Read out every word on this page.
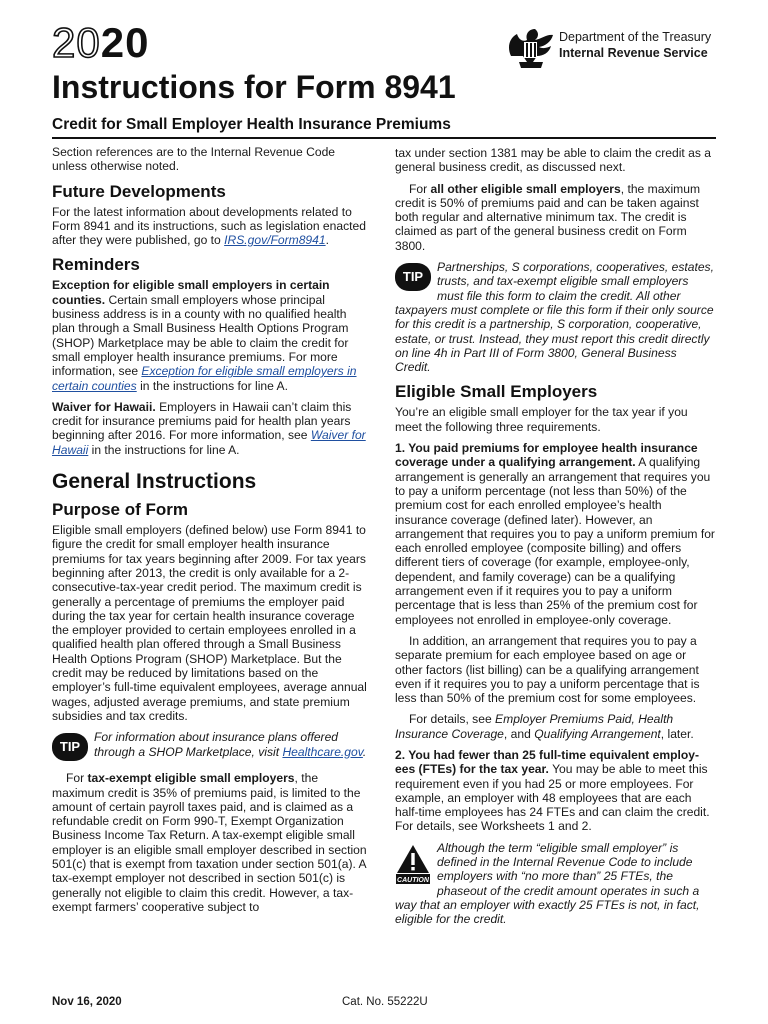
2020
Instructions for Form 8941
Credit for Small Employer Health Insurance Premiums
Department of the Treasury
Internal Revenue Service

Section references are to the Internal Revenue Code unless otherwise noted.

Future Developments

For the latest information about developments related to Form 8941 and its instructions, such as legislation enacted after they were published, go to IRS.gov/Form8941.

Reminders

Exception for eligible small employers in certain counties. Certain small employers whose principal business address is in a county with no qualified health plan through a Small Business Health Options Program (SHOP) Marketplace may be able to claim the credit for small employer health insurance premiums. For more information, see Exception for eligible small employers in certain counties in the instructions for line A.

Waiver for Hawaii. Employers in Hawaii can’t claim this credit for insurance premiums paid for health plan years beginning after 2016. For more information, see Waiver for Hawaii in the instructions for line A.

General Instructions
Purpose of Form

Eligible small employers (defined below) use Form 8941 to figure the credit for small employer health insurance premiums for tax years beginning after 2009. For tax years beginning after 2013, the credit is only available for a 2-consecutive-tax-year credit period. The maximum credit is generally a percentage of premiums the employer paid during the tax year for certain health insurance coverage the employer provided to certain employees enrolled in a qualified health plan offered through a Small Business Health Options Program (SHOP) Marketplace. But the credit may be reduced by limitations based on the employer’s full-time equivalent employees, average annual wages, adjusted average premiums, and state premium subsidies and tax credits.

TIP
For information about insurance plans offered through a SHOP Marketplace, visit Healthcare.gov.

For tax-exempt eligible small employers, the maximum credit is 35% of premiums paid, is limited to the amount of certain payroll taxes paid, and is claimed as a refundable credit on Form 990-T, Exempt Organization Business Income Tax Return. A tax-exempt eligible small employer is an eligible small employer described in section 501(c) that is exempt from taxation under section 501(a). A tax-exempt employer not described in section 501(c) is generally not eligible to claim this credit. However, a tax-exempt farmers’ cooperative subject to

tax under section 1381 may be able to claim the credit as a general business credit, as discussed next.

For all other eligible small employers, the maximum credit is 50% of premiums paid and can be taken against both regular and alternative minimum tax. The credit is claimed as part of the general business credit on Form 3800.

TIP
Partnerships, S corporations, cooperatives, estates, trusts, and tax-exempt eligible small employers must file this form to claim the credit. All other taxpayers must complete or file this form if their only source for this credit is a partnership, S corporation, cooperative, estate, or trust. Instead, they must report this credit directly on line 4h in Part III of Form 3800, General Business Credit.
Eligible Small Employers

You’re an eligible small employer for the tax year if you meet the following three requirements.

1. You paid premiums for employee health insurance coverage under a qualifying arrangement. A qualifying arrangement is generally an arrangement that requires you to pay a uniform percentage (not less than 50%) of the premium cost for each enrolled employee’s health insurance coverage (defined later). However, an arrangement that requires you to pay a uniform premium for each enrolled employee (composite billing) and offers different tiers of coverage (for example, employee-only, dependent, and family coverage) can be a qualifying arrangement even if it requires you to pay a uniform percentage that is less than 25% of the premium cost for employees not enrolled in employee-only coverage.

In addition, an arrangement that requires you to pay a separate premium for each employee based on age or other factors (list billing) can be a qualifying arrangement even if it requires you to pay a uniform percentage that is less than 50% of the premium cost for some employees.

For details, see Employer Premiums Paid, Health Insurance Coverage, and Qualifying Arrangement, later.

2. You had fewer than 25 full-time equivalent employ-ees (FTEs) for the tax year. You may be able to meet this requirement even if you had 25 or more employees. For example, an employer with 48 employees that are each half-time employees has 24 FTEs and can claim the credit. For details, see Worksheets 1 and 2.

CAUTION
Although the term “eligible small employer” is defined in the Internal Revenue Code to include employers with “no more than” 25 FTEs, the phaseout of the credit amount operates in such a way that an employer with exactly 25 FTEs is not, in fact, eligible for the credit.
Nov 16, 2020	Cat. No. 55222U
